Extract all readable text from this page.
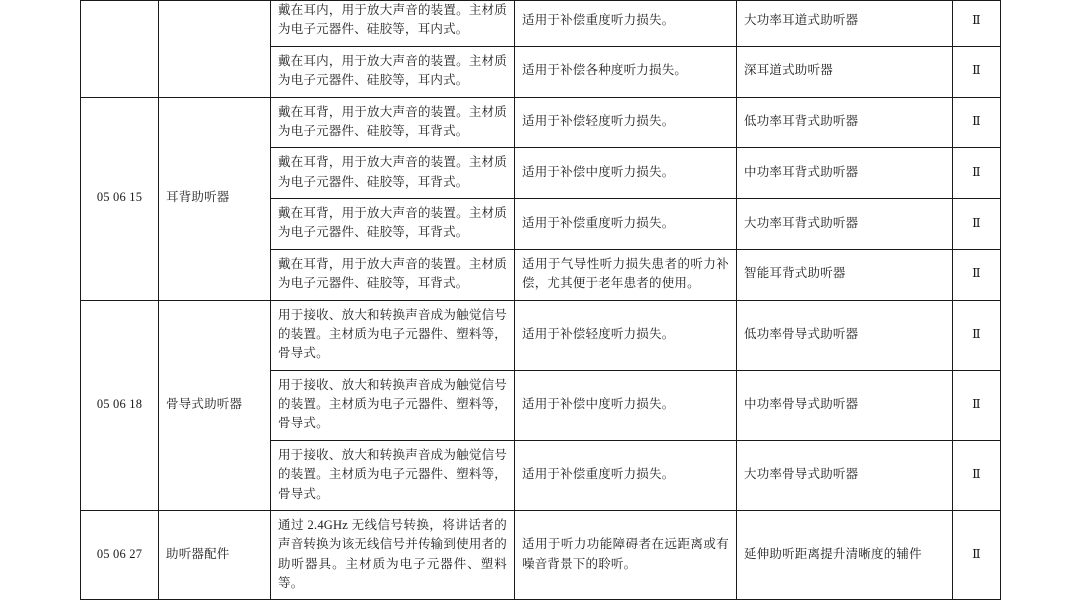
		戴在耳内，用于放大声音的装置。主材质为电子元器件、硅胶等，耳内式。	适用于补偿重度听力损失。	大功率耳道式助听器	Ⅱ
		戴在耳内，用于放大声音的装置。主材质为电子元器件、硅胶等，耳内式。	适用于补偿各种度听力损失。	深耳道式助听器	Ⅱ
05 06 15	耳背助听器	戴在耳背，用于放大声音的装置。主材质为电子元器件、硅胶等，耳背式。	适用于补偿轻度听力损失。	低功率耳背式助听器	Ⅱ
		戴在耳背，用于放大声音的装置。主材质为电子元器件、硅胶等，耳背式。	适用于补偿中度听力损失。	中功率耳背式助听器	Ⅱ
		戴在耳背，用于放大声音的装置。主材质为电子元器件、硅胶等，耳背式。	适用于补偿重度听力损失。	大功率耳背式助听器	Ⅱ
		戴在耳背，用于放大声音的装置。主材质为电子元器件、硅胶等，耳背式。	适用于气导性听力损失患者的听力补偿，尤其便于老年患者的使用。	智能耳背式助听器	Ⅱ
05 06 18	骨导式助听器	用于接收、放大和转换声音成为触觉信号的装置。主材质为电子元器件、塑料等，骨导式。	适用于补偿轻度听力损失。	低功率骨导式助听器	Ⅱ
		用于接收、放大和转换声音成为触觉信号的装置。主材质为电子元器件、塑料等，骨导式。	适用于补偿中度听力损失。	中功率骨导式助听器	Ⅱ
		用于接收、放大和转换声音成为触觉信号的装置。主材质为电子元器件、塑料等，骨导式。	适用于补偿重度听力损失。	大功率骨导式助听器	Ⅱ
05 06 27	助听器配件	通过 2.4GHz 无线信号转换，将讲话者的声音转换为该无线信号并传输到使用者的助听器具。主材质为电子元器件、塑料等。	适用于听力功能障碍者在远距离或有噪音背景下的聆听。	延伸助听距离提升清晰度的辅件	Ⅱ
